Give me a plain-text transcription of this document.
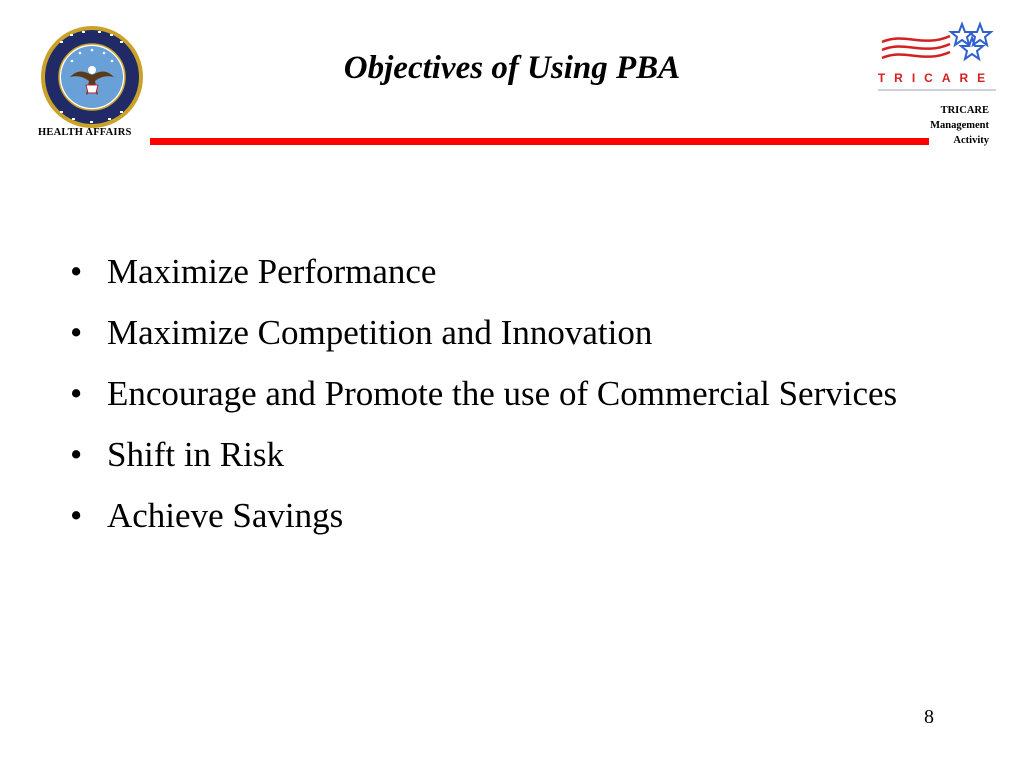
HEALTH AFFAIRS
Objectives of Using PBA	TRICARE
TRICARE
Management
Activity
• Maximize Performance
• Maximize Competition and Innovation
• Encourage and Promote the use of Commercial Services
• Shift in Risk
• Achieve Savings
8
